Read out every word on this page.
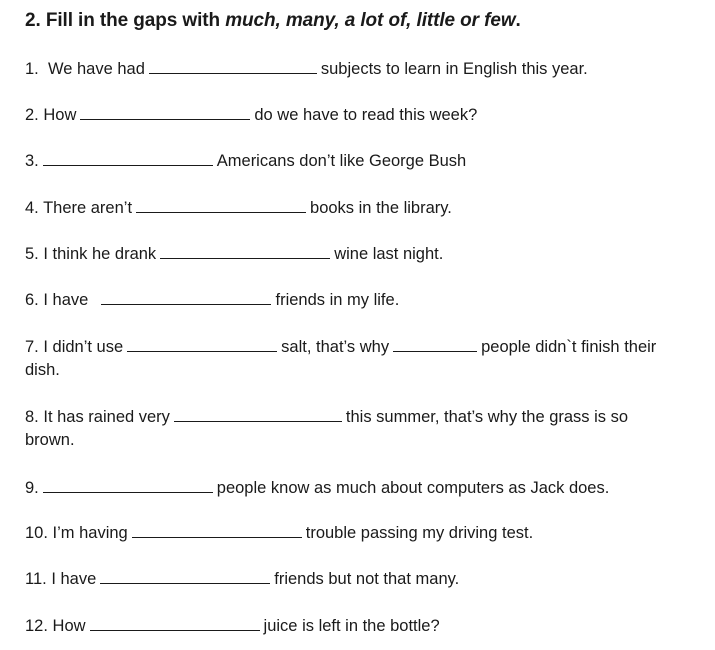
2. Fill in the gaps with much, many, a lot of, little or few.
1. We have had	subjects to learn in English this year.
2. How	do we have to read this week?
3.	Americans don’t like George Bush
4. There aren’t	books in the library.
5. I think he drank	wine last night.
6. I have	friends in my life.
7. I didn’t use	salt, that’s why	people didn`t finish their
dish.
8. It has rained very	this summer, that’s why the grass is so
brown.
9.	people know as much about computers as Jack does.
10. I’m having	trouble passing my driving test.
11. I have	friends but not that many.
12. How	juice is left in the bottle?
